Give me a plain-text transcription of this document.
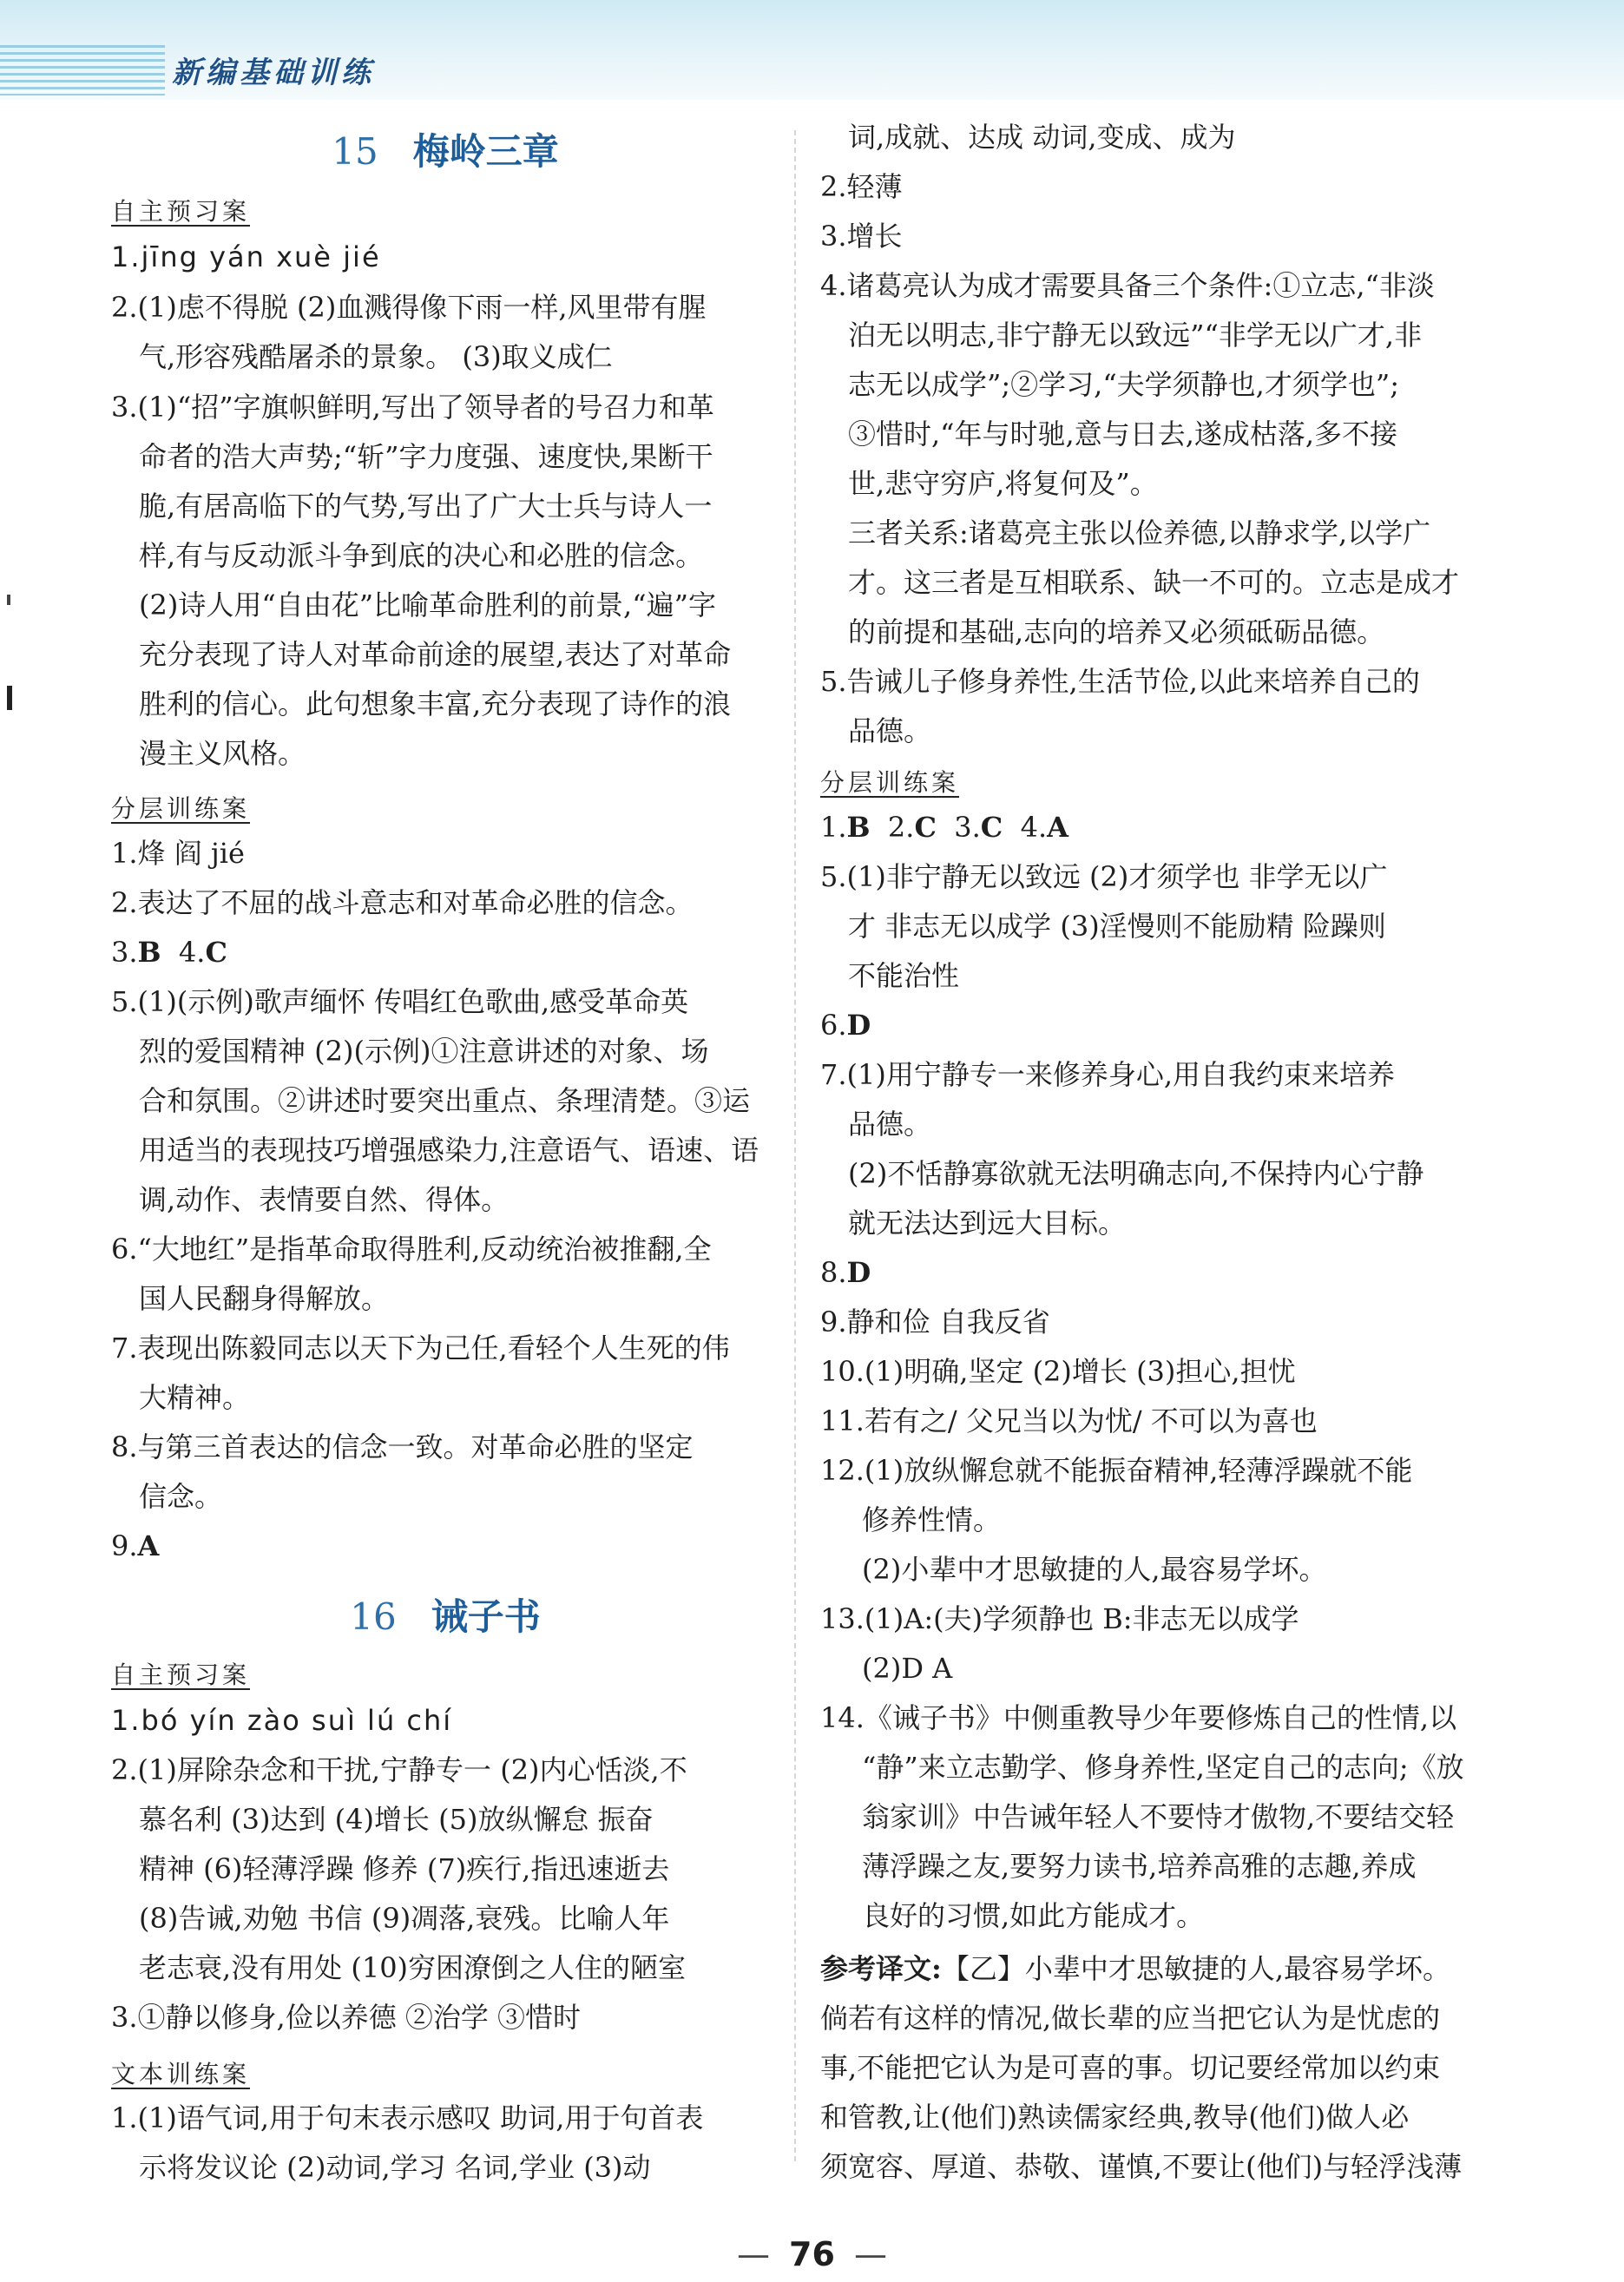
新编基础训练
15 梅岭三章
自主预习案
1.jīng yán xuè jié
2.(1)虑不得脱 (2)血溅得像下雨一样,风里带有腥
气,形容残酷屠杀的景象。 (3)取义成仁
3.(1)“招”字旗帜鲜明,写出了领导者的号召力和革
命者的浩大声势;“斩”字力度强、速度快,果断干
脆,有居高临下的气势,写出了广大士兵与诗人一
样,有与反动派斗争到底的决心和必胜的信念。
(2)诗人用“自由花”比喻革命胜利的前景,“遍”字
充分表现了诗人对革命前途的展望,表达了对革命
胜利的信心。此句想象丰富,充分表现了诗作的浪
漫主义风格。
分层训练案
1.烽 阎 jié
2.表达了不屈的战斗意志和对革命必胜的信念。
3.B  4.C
5.(1)(示例)歌声缅怀 传唱红色歌曲,感受革命英
烈的爱国精神 (2)(示例)①注意讲述的对象、场
合和氛围。②讲述时要突出重点、条理清楚。③运
用适当的表现技巧增强感染力,注意语气、语速、语
调,动作、表情要自然、得体。
6.“大地红”是指革命取得胜利,反动统治被推翻,全
国人民翻身得解放。
7.表现出陈毅同志以天下为己任,看轻个人生死的伟
大精神。
8.与第三首表达的信念一致。对革命必胜的坚定
信念。
9.A
16 诫子书
自主预习案
1.bó yín zào suì lú chí
2.(1)屏除杂念和干扰,宁静专一 (2)内心恬淡,不
慕名利 (3)达到 (4)增长 (5)放纵懈怠 振奋
精神 (6)轻薄浮躁 修养 (7)疾行,指迅速逝去
(8)告诫,劝勉 书信 (9)凋落,衰残。比喻人年
老志衰,没有用处 (10)穷困潦倒之人住的陋室
3.①静以修身,俭以养德 ②治学 ③惜时
文本训练案
1.(1)语气词,用于句末表示感叹 助词,用于句首表
示将发议论 (2)动词,学习 名词,学业 (3)动
词,成就、达成 动词,变成、成为
2.轻薄
3.增长
4.诸葛亮认为成才需要具备三个条件:①立志,“非淡
泊无以明志,非宁静无以致远”“非学无以广才,非
志无以成学”;②学习,“夫学须静也,才须学也”;
③惜时,“年与时驰,意与日去,遂成枯落,多不接
世,悲守穷庐,将复何及”。
三者关系:诸葛亮主张以俭养德,以静求学,以学广
才。这三者是互相联系、缺一不可的。立志是成才
的前提和基础,志向的培养又必须砥砺品德。
5.告诫儿子修身养性,生活节俭,以此来培养自己的
品德。
分层训练案
1.B  2.C  3.C  4.A
5.(1)非宁静无以致远 (2)才须学也 非学无以广
才 非志无以成学 (3)淫慢则不能励精 险躁则
不能治性
6.D
7.(1)用宁静专一来修养身心,用自我约束来培养
品德。
(2)不恬静寡欲就无法明确志向,不保持内心宁静
就无法达到远大目标。
8.D
9.静和俭 自我反省
10.(1)明确,坚定 (2)增长 (3)担心,担忧
11.若有之/ 父兄当以为忧/ 不可以为喜也
12.(1)放纵懈怠就不能振奋精神,轻薄浮躁就不能
修养性情。
(2)小辈中才思敏捷的人,最容易学坏。
13.(1)A:(夫)学须静也 B:非志无以成学
(2)D A
14.《诫子书》中侧重教导少年要修炼自己的性情,以
“静”来立志勤学、修身养性,坚定自己的志向;《放
翁家训》中告诫年轻人不要恃才傲物,不要结交轻
薄浮躁之友,要努力读书,培养高雅的志趣,养成
良好的习惯,如此方能成才。
参考译文:【乙】小辈中才思敏捷的人,最容易学坏。
倘若有这样的情况,做长辈的应当把它认为是忧虑的
事,不能把它认为是可喜的事。切记要经常加以约束
和管教,让(他们)熟读儒家经典,教导(他们)做人必
须宽容、厚道、恭敬、谨慎,不要让(他们)与轻浮浅薄
— 76 —
